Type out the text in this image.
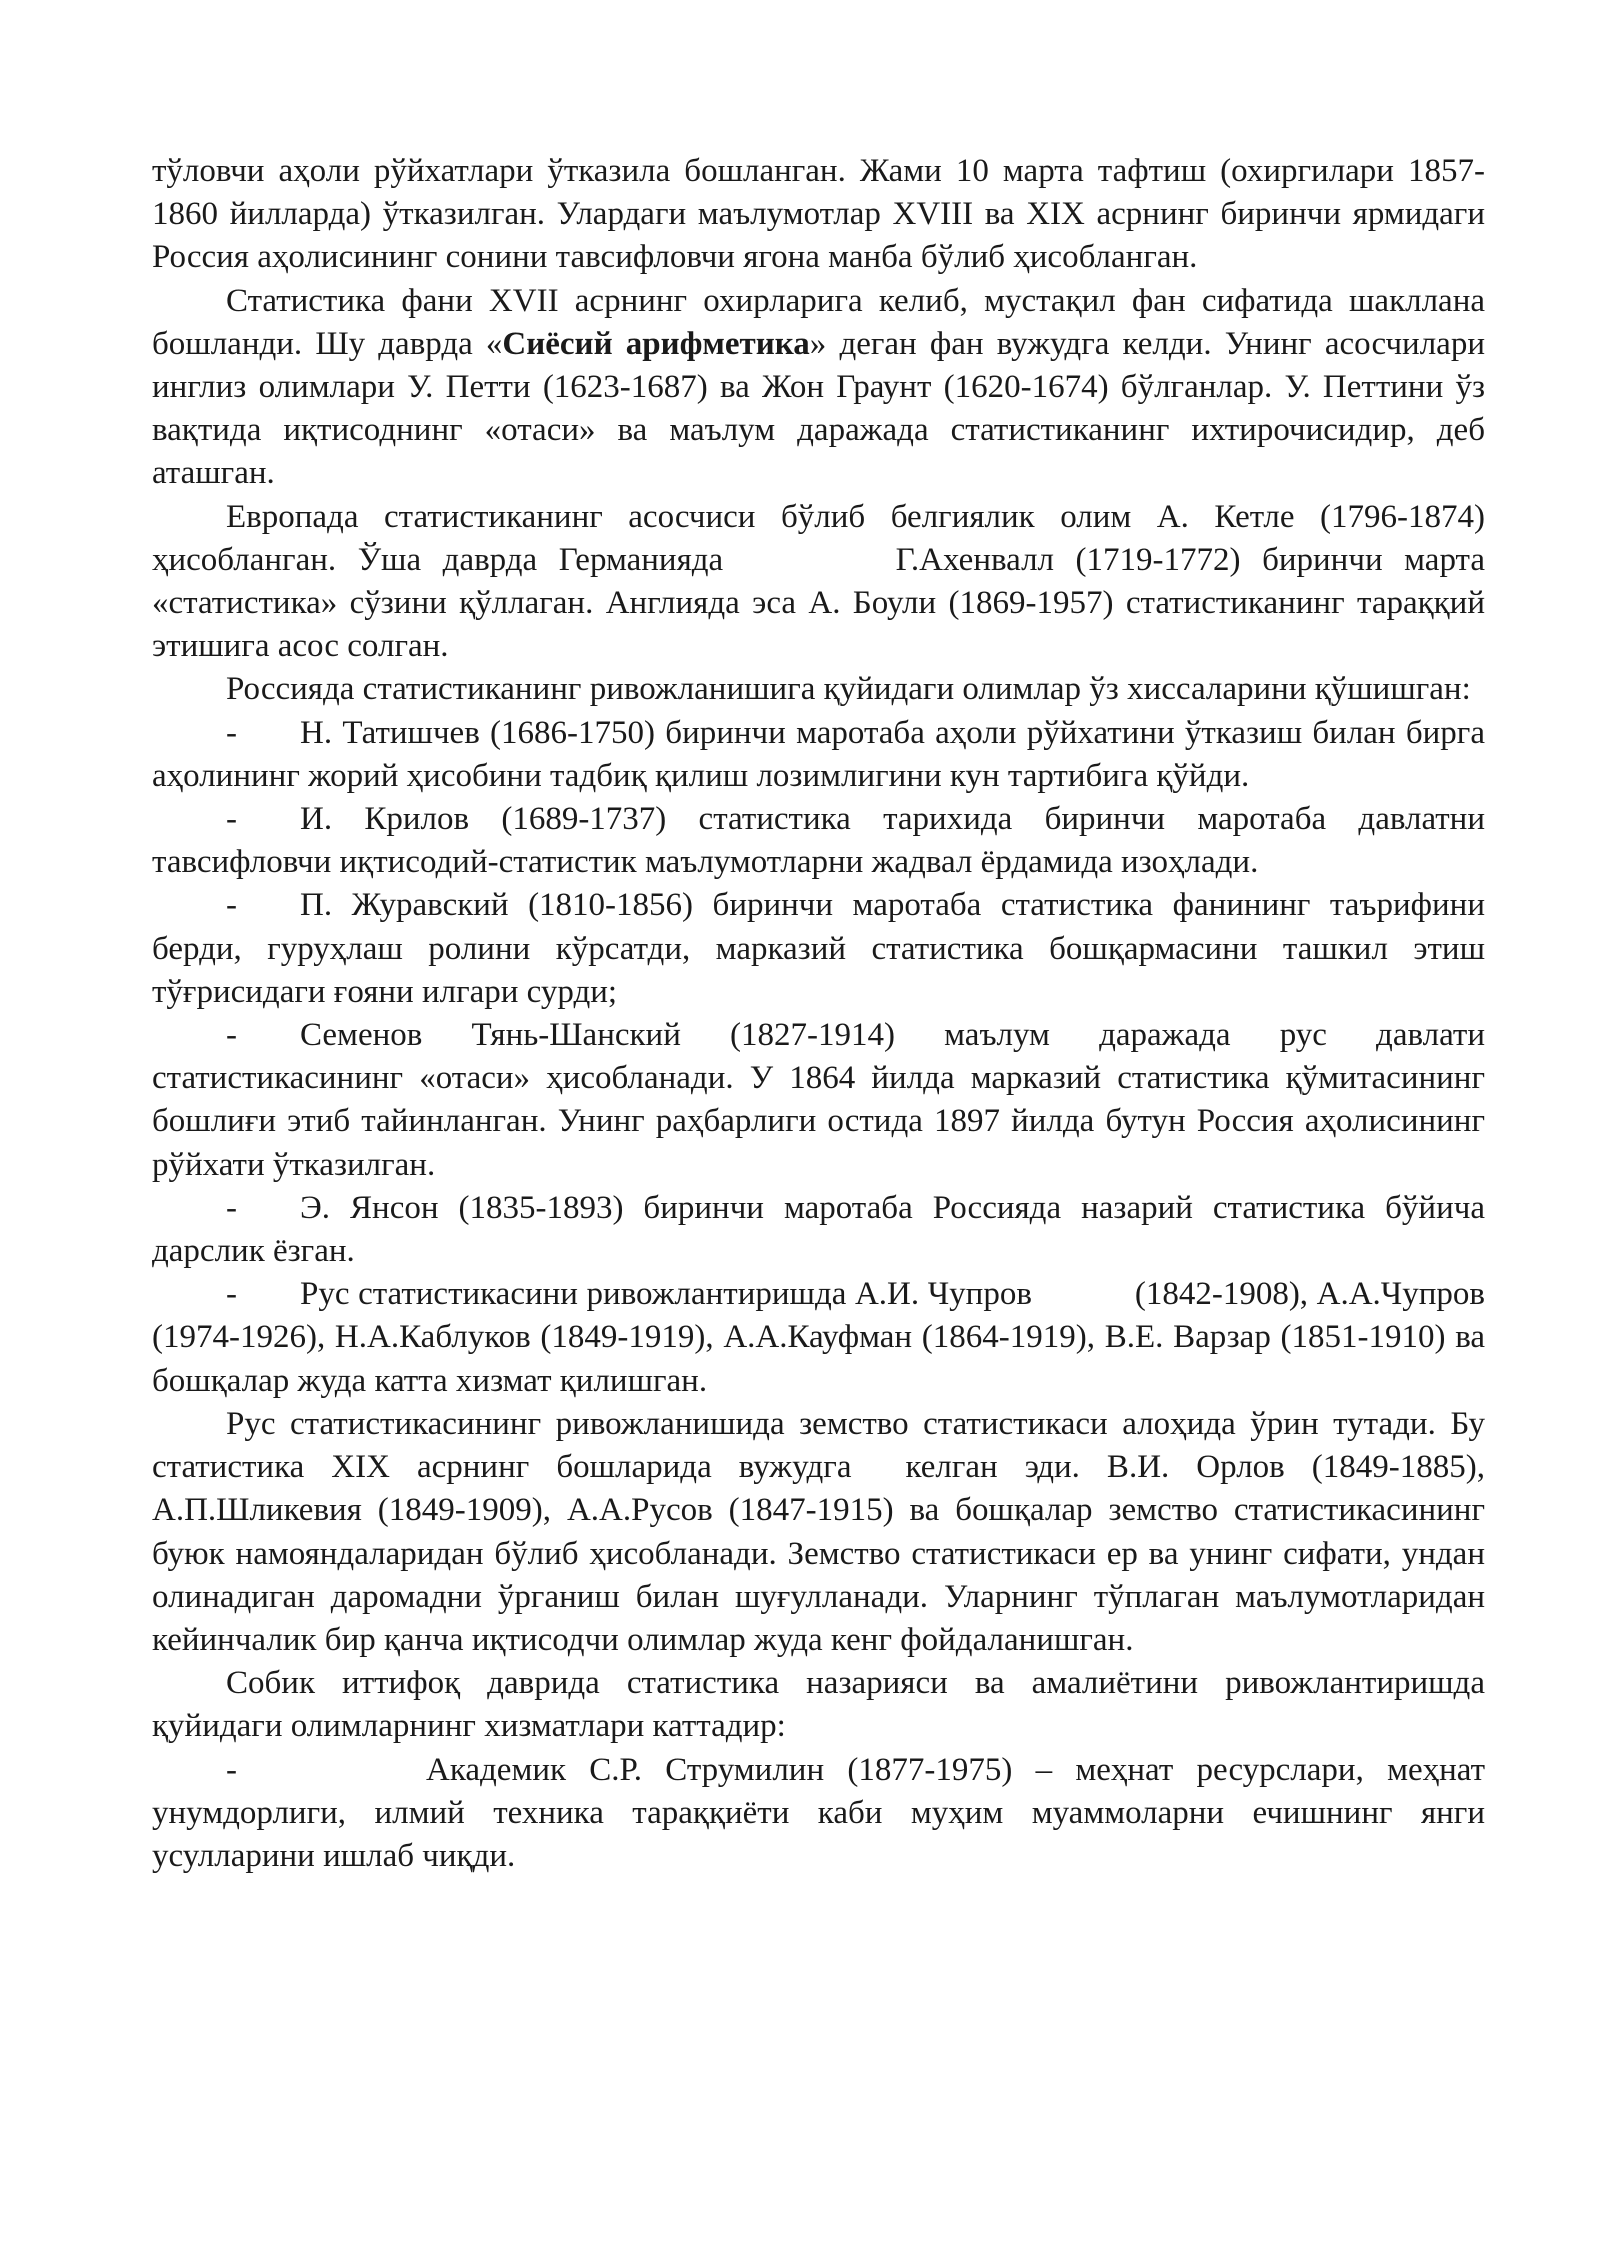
тўловчи аҳоли рўйхатлари ўтказила бошланган. Жами 10 марта тафтиш (охиргилари 1857-1860 йилларда) ўтказилган. Улардаги маълумотлар XVIII ва XIX асрнинг биринчи ярмидаги Россия аҳолисининг сонини тавсифловчи ягона манба бўлиб ҳисобланган.

Статистика фани XVII асрнинг охирларига келиб, мустақил фан сифатида шакллана бошланди. Шу даврда «Сиёсий арифметика» деган фан вужудга келди. Унинг асосчилари инглиз олимлари У. Петти (1623-1687) ва Жон Граунт (1620-1674) бўлганлар. У. Петтини ўз вақтида иқтисоднинг «отаси» ва маълум даражада статистиканинг ихтирочисидир, деб аташган.

Европада статистиканинг асосчиси бўлиб белгиялик олим А. Кетле (1796-1874) ҳисобланган. Ўша даврда Германияда        Г.Ахенвалл (1719-1772) биринчи марта «статистика» сўзини қўллаган. Англияда эса А. Боули (1869-1957) статистиканинг тараққий этишига асос солган.

Россияда статистиканинг ривожланишига қуйидаги олимлар ўз хиссаларини қўшишган:

- Н. Татишчев (1686-1750) биринчи маротаба аҳоли рўйхатини ўтказиш билан бирга аҳолининг жорий ҳисобини тадбиқ қилиш лозимлигини кун тартибига қўйди.

- И. Крилов (1689-1737) статистика тарихида биринчи маротаба давлатни тавсифловчи иқтисодий-статистик маълумотларни жадвал ёрдамида изоҳлади.

- П. Журавский (1810-1856) биринчи маротаба статистика фанининг таърифини берди, гуруҳлаш ролини кўрсатди, марказий статистика бошқармасини ташкил этиш тўғрисидаги ғояни илгари сурди;

- Семенов Тянь-Шанский (1827-1914) маълум даражада рус давлати статистикасининг «отаси» ҳисобланади. У 1864 йилда марказий статистика қўмитасининг бошлиғи этиб тайинланган. Унинг раҳбарлиги остида 1897 йилда бутун Россия аҳолисининг рўйхати ўтказилган.

- Э. Янсон (1835-1893) биринчи маротаба Россияда назарий статистика бўйича дарслик ёзган.

- Рус статистикасини ривожлантиришда А.И. Чупров            (1842-1908), А.А.Чупров (1974-1926), Н.А.Каблуков (1849-1919), А.А.Кауфман (1864-1919), В.Е. Варзар (1851-1910) ва бошқалар жуда катта хизмат қилишган.

Рус статистикасининг ривожланишида земство статистикаси алоҳида ўрин тутади. Бу статистика XIX асрнинг бошларида вужудга  келган эди. В.И. Орлов (1849-1885), А.П.Шликевия (1849-1909), А.А.Русов (1847-1915) ва бошқалар земство статистикасининг буюк намояндаларидан бўлиб ҳисобланади. Земство статистикаси ер ва унинг сифати, ундан олинадиган даромадни ўрганиш билан шуғулланади. Уларнинг тўплаган маълумотларидан кейинчалик бир қанча иқтисодчи олимлар жуда кенг фойдаланишган.

Собик иттифоқ даврида статистика назарияси ва амалиётини ривожлантиришда қуйидаги олимларнинг хизматлари каттадир:

-	Академик С.Р. Струмилин (1877-1975) – меҳнат ресурслари, меҳнат унумдорлиги, илмий техника тараққиёти каби муҳим муаммоларни ечишнинг янги усулларини ишлаб чиқди.
